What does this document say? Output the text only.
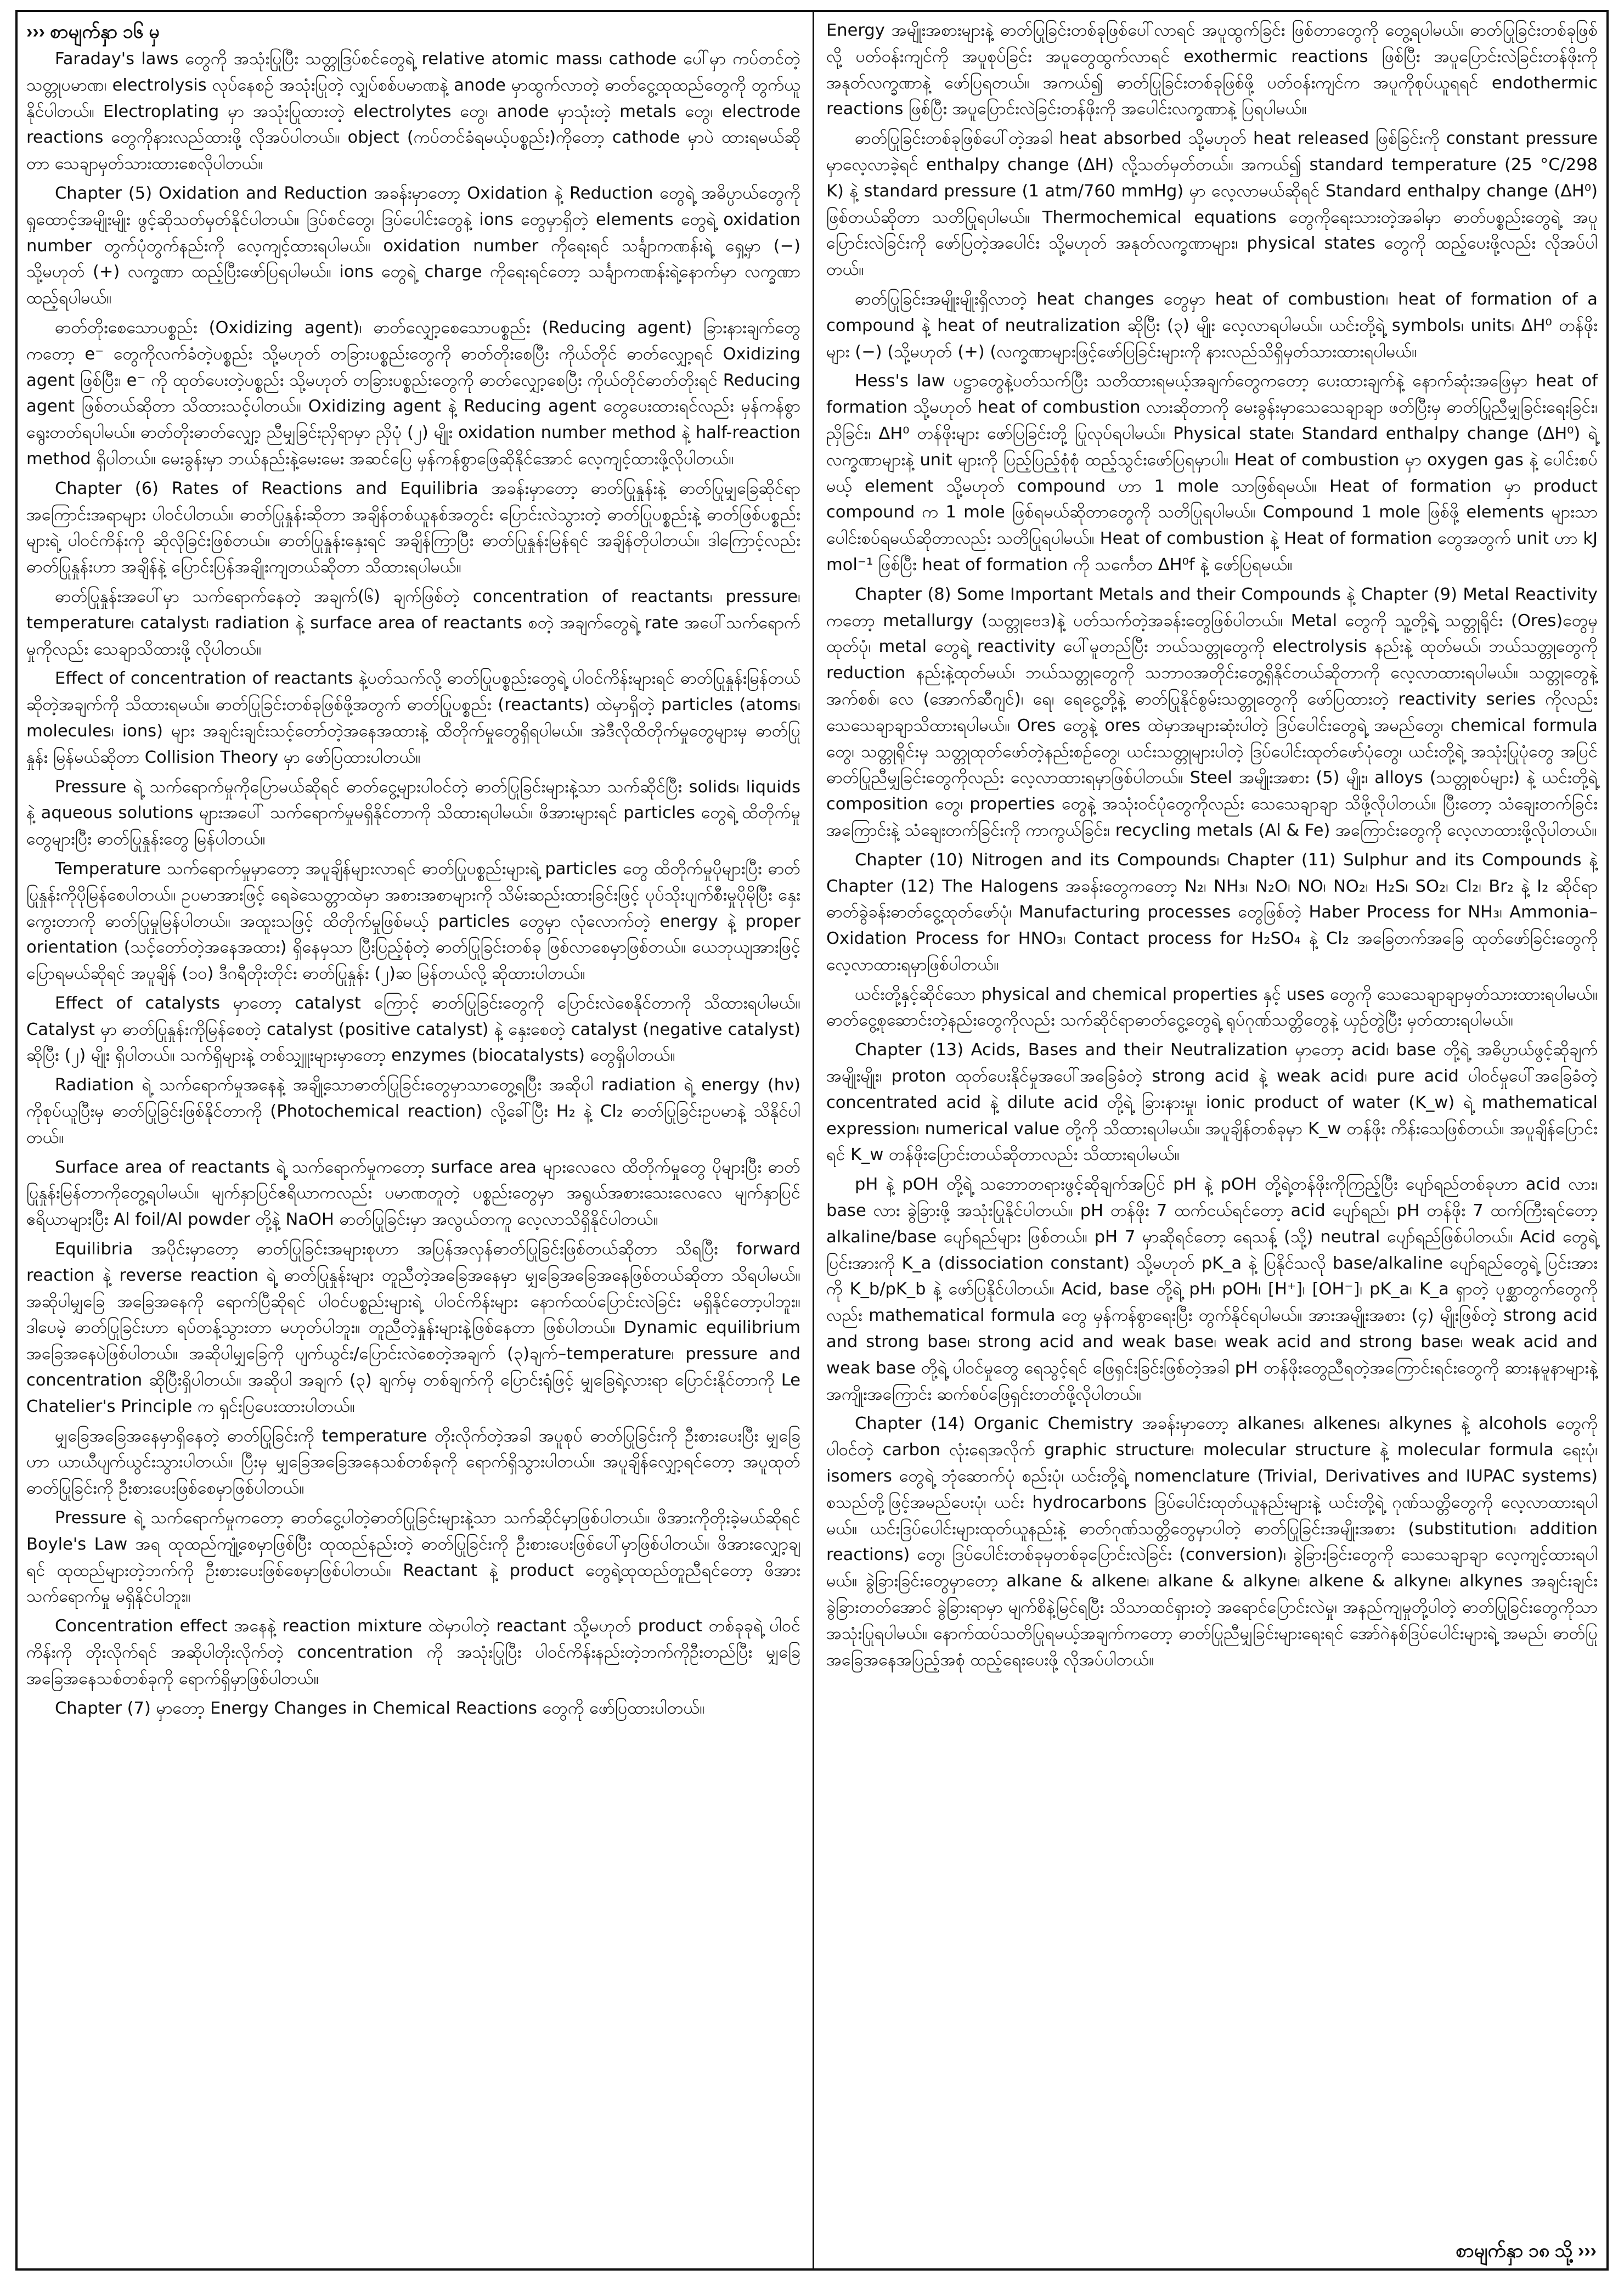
››› စာမျက်နှာ ၁၆ မှ

Faraday's laws တွေကို အသုံးပြုပြီး သတ္တုဒြပ်စင်တွေရဲ့ relative atomic mass၊ cathode ပေါ်မှာ ကပ်တင်တဲ့ သတ္တုပမာဏ၊ electrolysis လုပ်နေစဉ် အသုံးပြုတဲ့ လျှပ်စစ်ပမာဏနဲ့ anode မှာထွက်လာတဲ့ ဓာတ်ငွေ့ထုထည်တွေကို တွက်ယူနိုင်ပါတယ်။ Electroplating မှာ အသုံးပြုထားတဲ့ electrolytes တွေ၊ anode မှာသုံးတဲ့ metals တွေ၊ electrode reactions တွေကိုနားလည်ထားဖို့ လိုအပ်ပါတယ်။ object (ကပ်တင်ခံရမယ့်ပစ္စည်း)ကိုတော့ cathode မှာပဲ ထားရမယ်ဆိုတာ သေချာမှတ်သားထားစေလိုပါတယ်။

Chapter (5) Oxidation and Reduction အခန်းမှာတော့ Oxidation နဲ့ Reduction တွေရဲ့ အဓိပ္ပာယ်တွေကို ရှုထောင့်အမျိုးမျိုး ဖွင့်ဆိုသတ်မှတ်နိုင်ပါတယ်။ ဒြပ်စင်တွေ၊ ဒြပ်ပေါင်းတွေနဲ့ ions တွေမှာရှိတဲ့ elements တွေရဲ့ oxidation number တွက်ပုံတွက်နည်းကို လေ့ကျင့်ထားရပါမယ်။ oxidation number ကိုရေးရင် သင်္ချာကဏန်းရဲ့ ရှေ့မှာ (−) သို့မဟုတ် (+) လက္ခဏာ ထည့်ပြီးဖော်ပြရပါမယ်။ ions တွေရဲ့ charge ကိုရေးရင်တော့ သင်္ချာကဏန်းရဲ့နောက်မှာ လက္ခဏာထည့်ရပါမယ်။

ဓာတ်တိုးစေသောပစ္စည်း (Oxidizing agent)၊ ဓာတ်လျှော့စေသောပစ္စည်း (Reducing agent) ခြားနားချက်တွေကတော့ e⁻ တွေကိုလက်ခံတဲ့ပစ္စည်း သို့မဟုတ် တခြားပစ္စည်းတွေကို ဓာတ်တိုးစေပြီး ကိုယ်တိုင် ဓာတ်လျှော့ရင် Oxidizing agent ဖြစ်ပြီး၊ e⁻ ကို ထုတ်ပေးတဲ့ပစ္စည်း သို့မဟုတ် တခြားပစ္စည်းတွေကို ဓာတ်လျှော့စေပြီး ကိုယ်တိုင်ဓာတ်တိုးရင် Reducing agent ဖြစ်တယ်ဆိုတာ သိထားသင့်ပါတယ်။ Oxidizing agent နဲ့ Reducing agent တွေပေးထားရင်လည်း မှန်ကန်စွာရွေးတတ်ရပါမယ်။ ဓာတ်တိုးဓာတ်လျှော့ ညီမျှခြင်းညှိရာမှာ ညှိပုံ (၂) မျိုး oxidation number method နဲ့ half-reaction method ရှိပါတယ်။ မေးခွန်းမှာ ဘယ်နည်းနဲ့မေးမေး အဆင်ပြေ မှန်ကန်စွာဖြေဆိုနိုင်အောင် လေ့ကျင့်ထားဖို့လိုပါတယ်။

Chapter (6) Rates of Reactions and Equilibria အခန်းမှာတော့ ဓာတ်ပြုနှုန်းနဲ့ ဓာတ်ပြုမျှခြေဆိုင်ရာ အကြောင်းအရာများ ပါဝင်ပါတယ်။ ဓာတ်ပြုနှုန်းဆိုတာ အချိန်တစ်ယူနစ်အတွင်း ပြောင်းလဲသွားတဲ့ ဓာတ်ပြုပစ္စည်းနဲ့ ဓာတ်ဖြစ်ပစ္စည်းများရဲ့ ပါဝင်ကိန်းကို ဆိုလိုခြင်းဖြစ်တယ်။ ဓာတ်ပြုနှုန်းနှေးရင် အချိန်ကြာပြီး ဓာတ်ပြုနှုန်းမြန်ရင် အချိန်တိုပါတယ်။ ဒါကြောင့်လည်း ဓာတ်ပြုနှုန်းဟာ အချိန်နဲ့ ပြောင်းပြန်အချိုးကျတယ်ဆိုတာ သိထားရပါမယ်။

ဓာတ်ပြုနှုန်းအပေါ်မှာ သက်ရောက်နေတဲ့ အချက်(၆) ချက်ဖြစ်တဲ့ concentration of reactants၊ pressure၊ temperature၊ catalyst၊ radiation နဲ့ surface area of reactants စတဲ့ အချက်တွေရဲ့ rate အပေါ်သက်ရောက်မှုကိုလည်း သေချာသိထားဖို့ လိုပါတယ်။

Effect of concentration of reactants နဲ့ပတ်သက်လို့ ဓာတ်ပြုပစ္စည်းတွေရဲ့ ပါဝင်ကိန်းများရင် ဓာတ်ပြုနှုန်းမြန်တယ်ဆိုတဲ့အချက်ကို သိထားရမယ်။ ဓာတ်ပြုခြင်းတစ်ခုဖြစ်ဖို့အတွက် ဓာတ်ပြုပစ္စည်း (reactants) ထဲမှာရှိတဲ့ particles (atoms၊ molecules၊ ions) များ အချင်းချင်းသင့်တော်တဲ့အနေအထားနဲ့ ထိတိုက်မှုတွေရှိရပါမယ်။ အဲဒီလိုထိတိုက်မှုတွေများမှ ဓာတ်ပြုနှုန်း မြန်မယ်ဆိုတာ Collision Theory မှာ ဖော်ပြထားပါတယ်။

Pressure ရဲ့ သက်ရောက်မှုကိုပြောမယ်ဆိုရင် ဓာတ်ငွေ့များပါဝင်တဲ့ ဓာတ်ပြုခြင်းများနဲ့သာ သက်ဆိုင်ပြီး solids၊ liquids နဲ့ aqueous solutions များအပေါ် သက်ရောက်မှုမရှိနိုင်တာကို သိထားရပါမယ်။ ဖိအားများရင် particles တွေရဲ့ ထိတိုက်မှုတွေများပြီး ဓာတ်ပြုနှုန်းတွေ မြန်ပါတယ်။

Temperature သက်ရောက်မှုမှာတော့ အပူချိန်များလာရင် ဓာတ်ပြုပစ္စည်းများရဲ့ particles တွေ ထိတိုက်မှုပိုများပြီး ဓာတ်ပြုနှုန်းကိုပိုမြန်စေပါတယ်။ ဥပမာအားဖြင့် ရေခဲသေတ္တာထဲမှာ အစားအစာများကို သိမ်းဆည်းထားခြင်းဖြင့် ပုပ်သိုးပျက်စီးမှုပိုမိုပြီး နှေးကွေးတာကို ဓာတ်ပြုမှုမြန်ပါတယ်။ အထူးသဖြင့် ထိတိုက်မှုဖြစ်မယ့် particles တွေမှာ လုံလောက်တဲ့ energy နဲ့ proper orientation (သင့်တော်တဲ့အနေအထား) ရှိနေမှသာ ပြီးပြည့်စုံတဲ့ ဓာတ်ပြုခြင်းတစ်ခု ဖြစ်လာစေမှာဖြစ်တယ်။ ယေဘုယျအားဖြင့်ပြောရမယ်ဆိုရင် အပူချိန် (၁၀) ဒီဂရီတိုးတိုင်း ဓာတ်ပြုနှုန်း (၂)ဆ မြန်တယ်လို့ ဆိုထားပါတယ်။

Effect of catalysts မှာတော့ catalyst ကြောင့် ဓာတ်ပြုခြင်းတွေကို ပြောင်းလဲစေနိုင်တာကို သိထားရပါမယ်။ Catalyst မှာ ဓာတ်ပြုနှုန်းကိုမြန်စေတဲ့ catalyst (positive catalyst) နဲ့ နှေးစေတဲ့ catalyst (negative catalyst) ဆိုပြီး (၂) မျိုး ရှိပါတယ်။ သက်ရှိများနဲ့ တစ်သျှူးများမှာတော့ enzymes (biocatalysts) တွေရှိပါတယ်။

Radiation ရဲ့ သက်ရောက်မှုအနေနဲ့ အချို့သောဓာတ်ပြုခြင်းတွေမှာသာတွေ့ရပြီး အဆိုပါ radiation ရဲ့ energy (hν) ကိုစုပ်ယူပြီးမှ ဓာတ်ပြုခြင်းဖြစ်နိုင်တာကို (Photochemical reaction) လို့ခေါ်ပြီး H₂ နဲ့ Cl₂ ဓာတ်ပြုခြင်းဥပမာနဲ့ သိနိုင်ပါတယ်။

Surface area of reactants ရဲ့ သက်ရောက်မှုကတော့ surface area များလေလေ ထိတိုက်မှုတွေ ပိုများပြီး ဓာတ်ပြုနှုန်းမြန်တာကိုတွေ့ရပါမယ်။ မျက်နှာပြင်ဧရိယာကလည်း ပမာဏတူတဲ့ ပစ္စည်းတွေမှာ အရွယ်အစားသေးလေလေ မျက်နှာပြင်ဧရိယာများပြီး Al foil/Al powder တို့နဲ့ NaOH ဓာတ်ပြုခြင်းမှာ အလွယ်တကူ လေ့လာသိရှိနိုင်ပါတယ်။

Equilibria အပိုင်းမှာတော့ ဓာတ်ပြုခြင်းအများစုဟာ အပြန်အလှန်ဓာတ်ပြုခြင်းဖြစ်တယ်ဆိုတာ သိရပြီး forward reaction နဲ့ reverse reaction ရဲ့ ဓာတ်ပြုနှုန်းများ တူညီတဲ့အခြေအနေမှာ မျှခြေအခြေအနေဖြစ်တယ်ဆိုတာ သိရပါမယ်။ အဆိုပါမျှခြေ အခြေအနေကို ရောက်ပြီဆိုရင် ပါဝင်ပစ္စည်းများရဲ့ ပါဝင်ကိန်းများ နောက်ထပ်ပြောင်းလဲခြင်း မရှိနိုင်တော့ပါဘူး။ ဒါပေမဲ့ ဓာတ်ပြုခြင်းဟာ ရပ်တန့်သွားတာ မဟုတ်ပါဘူး။ တူညီတဲ့နှုန်းများနဲ့ဖြစ်နေတာ ဖြစ်ပါတယ်။ Dynamic equilibrium အခြေအနေပဲဖြစ်ပါတယ်။ အဆိုပါမျှခြေကို ပျက်ယွင်း/ပြောင်းလဲစေတဲ့အချက် (၃)ချက်–temperature၊ pressure and concentration ဆိုပြီးရှိပါတယ်။ အဆိုပါ အချက် (၃) ချက်မှ တစ်ချက်ကို ပြောင်းရုံဖြင့် မျှခြေရဲ့လားရာ ပြောင်းနိုင်တာကို Le Chatelier's Principle က ရှင်းပြပေးထားပါတယ်။

မျှခြေအခြေအနေမှာရှိနေတဲ့ ဓာတ်ပြုခြင်းကို temperature တိုးလိုက်တဲ့အခါ အပူစုပ် ဓာတ်ပြုခြင်းကို ဦးစားပေးပြီး မျှခြေဟာ ယာယီပျက်ယွင်းသွားပါတယ်။ ပြီးမှ မျှခြေအခြေအနေသစ်တစ်ခုကို ရောက်ရှိသွားပါတယ်။ အပူချိန်လျှော့ရင်တော့ အပူထုတ်ဓာတ်ပြုခြင်းကို ဦးစားပေးဖြစ်စေမှာဖြစ်ပါတယ်။

Pressure ရဲ့ သက်ရောက်မှုကတော့ ဓာတ်ငွေ့ပါတဲ့ဓာတ်ပြုခြင်းများနဲ့သာ သက်ဆိုင်မှာဖြစ်ပါတယ်။ ဖိအားကိုတိုးခဲ့မယ်ဆိုရင် Boyle's Law အရ ထုထည်ကျုံ့စေမှာဖြစ်ပြီး ထုထည်နည်းတဲ့ ဓာတ်ပြုခြင်းကို ဦးစားပေးဖြစ်ပေါ်မှာဖြစ်ပါတယ်။ ဖိအားလျှော့ချရင် ထုထည်များတဲ့ဘက်ကို ဦးစားပေးဖြစ်စေမှာဖြစ်ပါတယ်။ Reactant နဲ့ product တွေရဲ့ထုထည်တူညီရင်တော့ ဖိအားသက်ရောက်မှု မရှိနိုင်ပါဘူး။

Concentration effect အနေနဲ့ reaction mixture ထဲမှာပါတဲ့ reactant သို့မဟုတ် product တစ်ခုခုရဲ့ ပါဝင်ကိန်းကို တိုးလိုက်ရင် အဆိုပါတိုးလိုက်တဲ့ concentration ကို အသုံးပြုပြီး ပါဝင်ကိန်းနည်းတဲ့ဘက်ကိုဦးတည်ပြီး မျှခြေအခြေအနေသစ်တစ်ခုကို ရောက်ရှိမှာဖြစ်ပါတယ်။

Chapter (7) မှာတော့ Energy Changes in Chemical Reactions တွေကို ဖော်ပြထားပါတယ်။

Energy အမျိုးအစားများနဲ့ ဓာတ်ပြုခြင်းတစ်ခုဖြစ်ပေါ်လာရင် အပူထွက်ခြင်း ဖြစ်တာတွေကို တွေ့ရပါမယ်။ ဓာတ်ပြုခြင်းတစ်ခုဖြစ်လို့ ပတ်ဝန်းကျင်ကို အပူစုပ်ခြင်း အပူတွေထွက်လာရင် exothermic reactions ဖြစ်ပြီး အပူပြောင်းလဲခြင်းတန်ဖိုးကို အနုတ်လက္ခဏာနဲ့ ဖော်ပြရတယ်။ အကယ်၍ ဓာတ်ပြုခြင်းတစ်ခုဖြစ်ဖို့ ပတ်ဝန်းကျင်က အပူကိုစုပ်ယူရရင် endothermic reactions ဖြစ်ပြီး အပူပြောင်းလဲခြင်းတန်ဖိုးကို အပေါင်းလက္ခဏာနဲ့ ပြရပါမယ်။

ဓာတ်ပြုခြင်းတစ်ခုဖြစ်ပေါ်တဲ့အခါ heat absorbed သို့မဟုတ် heat released ဖြစ်ခြင်းကို constant pressure မှာလေ့လာခဲ့ရင် enthalpy change (ΔH) လို့သတ်မှတ်တယ်။ အကယ်၍ standard temperature (25 °C/298 K) နဲ့ standard pressure (1 atm/760 mmHg) မှာ လေ့လာမယ်ဆိုရင် Standard enthalpy change (ΔH⁰) ဖြစ်တယ်ဆိုတာ သတိပြုရပါမယ်။ Thermochemical equations တွေကိုရေးသားတဲ့အခါမှာ ဓာတ်ပစ္စည်းတွေရဲ့ အပူပြောင်းလဲခြင်းကို ဖော်ပြတဲ့အပေါင်း သို့မဟုတ် အနုတ်လက္ခဏာများ၊ physical states တွေကို ထည့်ပေးဖို့လည်း လိုအပ်ပါတယ်။

ဓာတ်ပြုခြင်းအမျိုးမျိုးရှိလာတဲ့ heat changes တွေမှာ heat of combustion၊ heat of formation of a compound နဲ့ heat of neutralization ဆိုပြီး (၃) မျိုး လေ့လာရပါမယ်။ ယင်းတို့ရဲ့ symbols၊ units၊ ΔH⁰ တန်ဖိုးများ (−) (သို့မဟုတ် (+) (လက္ခဏာများဖြင့်ဖော်ပြခြင်းများကို နားလည်သိရှိမှတ်သားထားရပါမယ်။

Hess's law ပဋ္ဌာတွေနဲ့ပတ်သက်ပြီး သတိထားရမယ့်အချက်တွေကတော့ ပေးထားချက်နဲ့ နောက်ဆုံးအဖြေမှာ heat of formation သို့မဟုတ် heat of combustion လားဆိုတာကို မေးခွန်းမှာသေသေချာချာ ဖတ်ပြီးမှ ဓာတ်ပြုညီမျှခြင်းရေးခြင်း၊ ညှိခြင်း၊ ΔH⁰ တန်ဖိုးများ ဖော်ပြခြင်းတို့ ပြုလုပ်ရပါမယ်။ Physical state၊ Standard enthalpy change (ΔH⁰) ရဲ့ လက္ခဏာများနဲ့ unit များကို ပြည့်ပြည့်စုံစုံ ထည့်သွင်းဖော်ပြရမှာပါ။ Heat of combustion မှာ oxygen gas နဲ့ ပေါင်းစပ်မယ့် element သို့မဟုတ် compound ဟာ 1 mole သာဖြစ်ရမယ်။ Heat of formation မှာ product compound က 1 mole ဖြစ်ရမယ်ဆိုတာတွေကို သတိပြုရပါမယ်။ Compound 1 mole ဖြစ်ဖို့ elements များသာ ပေါင်းစပ်ရမယ်ဆိုတာလည်း သတိပြုရပါမယ်။ Heat of combustion နဲ့ Heat of formation တွေအတွက် unit ဟာ kJ mol⁻¹ ဖြစ်ပြီး heat of formation ကို သင်္ကေတ ΔH⁰f နဲ့ ဖော်ပြရမယ်။

Chapter (8) Some Important Metals and their Compounds နဲ့ Chapter (9) Metal Reactivity ကတော့ metallurgy (သတ္တုဗေဒ)နဲ့ ပတ်သက်တဲ့အခန်းတွေဖြစ်ပါတယ်။ Metal တွေကို သူ့တို့ရဲ့ သတ္တုရိုင်း (Ores)တွေမှ ထုတ်ပုံ၊ metal တွေရဲ့ reactivity ပေါ်မူတည်ပြီး ဘယ်သတ္တုတွေကို electrolysis နည်းနဲ့ ထုတ်မယ်၊ ဘယ်သတ္တုတွေကို reduction နည်းနဲ့ထုတ်မယ်၊ ဘယ်သတ္တုတွေကို သဘာဝအတိုင်းတွေ့ရှိနိုင်တယ်ဆိုတာကို လေ့လာထားရပါမယ်။ သတ္တုတွေနဲ့ အက်စစ်၊ လေ (အောက်ဆီဂျင်)၊ ရေ၊ ရေငွေ့တို့နဲ့ ဓာတ်ပြုနိုင်စွမ်းသတ္တုတွေကို ဖော်ပြထားတဲ့ reactivity series ကိုလည်း သေသေချာချာသိထားရပါမယ်။ Ores တွေနဲ့ ores ထဲမှာအများဆုံးပါတဲ့ ဒြပ်ပေါင်းတွေရဲ့ အမည်တွေ၊ chemical formula တွေ၊ သတ္တုရိုင်းမှ သတ္တုထုတ်ဖော်တဲ့နည်းစဉ်တွေ၊ ယင်းသတ္တုများပါတဲ့ ဒြပ်ပေါင်းထုတ်ဖော်ပုံတွေ၊ ယင်းတို့ရဲ့ အသုံးပြုပုံတွေ အပြင် ဓာတ်ပြုညီမျှခြင်းတွေကိုလည်း လေ့လာထားရမှာဖြစ်ပါတယ်။ Steel အမျိုးအစား (5) မျိုး၊ alloys (သတ္တုစပ်များ) နဲ့ ယင်းတို့ရဲ့ composition တွေ၊ properties တွေနဲ့ အသုံးဝင်ပုံတွေကိုလည်း သေသေချာချာ သိဖို့လိုပါတယ်။ ပြီးတော့ သံချေးတက်ခြင်းအကြောင်းနဲ့ သံချေးတက်ခြင်းကို ကာကွယ်ခြင်း၊ recycling metals (Al & Fe) အကြောင်းတွေကို လေ့လာထားဖို့လိုပါတယ်။

Chapter (10) Nitrogen and its Compounds၊ Chapter (11) Sulphur and its Compounds နဲ့ Chapter (12) The Halogens အခန်းတွေကတော့ N₂၊ NH₃၊ N₂O၊ NO၊ NO₂၊ H₂S၊ SO₂၊ Cl₂၊ Br₂ နဲ့ I₂ ဆိုင်ရာ ဓာတ်ခွဲခန်းဓာတ်ငွေ့ထုတ်ဖော်ပုံ၊ Manufacturing processes တွေဖြစ်တဲ့ Haber Process for NH₃၊ Ammonia–Oxidation Process for HNO₃၊ Contact process for H₂SO₄ နဲ့ Cl₂ အခြေတက်အခြေ ထုတ်ဖော်ခြင်းတွေကို လေ့လာထားရမှာဖြစ်ပါတယ်။

ယင်းတို့နှင့်ဆိုင်သော physical and chemical properties နှင့် uses တွေကို သေသေချာချာမှတ်သားထားရပါမယ်။ ဓာတ်ငွေ့စုဆောင်းတဲ့နည်းတွေကိုလည်း သက်ဆိုင်ရာဓာတ်ငွေ့တွေရဲ့ ရုပ်ဂုဏ်သတ္တိတွေနဲ့ ယှဉ်တွဲပြီး မှတ်ထားရပါမယ်။

Chapter (13) Acids, Bases and their Neutralization မှာတော့ acid၊ base တို့ရဲ့ အဓိပ္ပာယ်ဖွင့်ဆိုချက်အမျိုးမျိုး၊ proton ထုတ်ပေးနိုင်မှုအပေါ်အခြေခံတဲ့ strong acid နဲ့ weak acid၊ pure acid ပါဝင်မှုပေါ်အခြေခံတဲ့ concentrated acid နဲ့ dilute acid တို့ရဲ့ ခြားနားမှု၊ ionic product of water (K_w) ရဲ့ mathematical expression၊ numerical value တို့ကို သိထားရပါမယ်။ အပူချိန်တစ်ခုမှာ K_w တန်ဖိုး ကိန်းသေဖြစ်တယ်။ အပူချိန်ပြောင်းရင် K_w တန်ဖိုးပြောင်းတယ်ဆိုတာလည်း သိထားရပါမယ်။

pH နဲ့ pOH တို့ရဲ့ သဘောတရားဖွင့်ဆိုချက်အပြင် pH နဲ့ pOH တို့ရဲ့တန်ဖိုးကိုကြည့်ပြီး ပျော်ရည်တစ်ခုဟာ acid လား၊ base လား ခွဲခြားဖို့ အသုံးပြုနိုင်ပါတယ်။ pH တန်ဖိုး 7 ထက်ငယ်ရင်တော့ acid ပျော်ရည်၊ pH တန်ဖိုး 7 ထက်ကြီးရင်တော့ alkaline/base ပျော်ရည်များ ဖြစ်တယ်။ pH 7 မှာဆိုရင်တော့ ရေသန့် (သို့) neutral ပျော်ရည်ဖြစ်ပါတယ်။ Acid တွေရဲ့ ပြင်းအားကို K_a (dissociation constant) သို့မဟုတ် pK_a နဲ့ ပြနိုင်သလို base/alkaline ပျော်ရည်တွေရဲ့ ပြင်းအားကို K_b/pK_b နဲ့ ဖော်ပြနိုင်ပါတယ်။ Acid, base တို့ရဲ့ pH၊ pOH၊ [H⁺]၊ [OH⁻]၊ pK_a၊ K_a ရှာတဲ့ ပုစ္ဆာတွက်တွေကိုလည်း mathematical formula တွေ မှန်ကန်စွာရေးပြီး တွက်နိုင်ရပါမယ်။ အားအမျိုးအစား (၄) မျိုးဖြစ်တဲ့ strong acid and strong base၊ strong acid and weak base၊ weak acid and strong base၊ weak acid and weak base တို့ရဲ့ ပါဝင်မှုတွေ ရေသွင့်ရင် ဖြေရှင်းခြင်းဖြစ်တဲ့အခါ pH တန်ဖိုးတွေညီရတဲ့အကြောင်းရင်းတွေကို ဆားနမူနာများနဲ့ အကျိုးအကြောင်း ဆက်စပ်ဖြေရှင်းတတ်ဖို့လိုပါတယ်။

Chapter (14) Organic Chemistry အခန်းမှာတော့ alkanes၊ alkenes၊ alkynes နဲ့ alcohols တွေကို ပါဝင်တဲ့ carbon လုံးရေအလိုက် graphic structure၊ molecular structure နဲ့ molecular formula ရေးပုံ၊ isomers တွေရဲ့ ဘုံဆောက်ပုံ စည်းပုံ၊ ယင်းတို့ရဲ့ nomenclature (Trivial, Derivatives and IUPAC systems) စသည်တို့ဖြင့်အမည်ပေးပုံ၊ ယင်း hydrocarbons ဒြပ်ပေါင်းထုတ်ယူနည်းများနဲ့ ယင်းတို့ရဲ့ ဂုဏ်သတ္တိတွေကို လေ့လာထားရပါမယ်။ ယင်းဒြပ်ပေါင်းများထုတ်ယူနည်းနဲ့ ဓာတ်ဂုဏ်သတ္တိတွေမှာပါတဲ့ ဓာတ်ပြုခြင်းအမျိုးအစား (substitution၊ addition reactions) တွေ၊ ဒြပ်ပေါင်းတစ်ခုမှတစ်ခုပြောင်းလဲခြင်း (conversion)၊ ခွဲခြားခြင်းတွေကို သေသေချာချာ လေ့ကျင့်ထားရပါမယ်။ ခွဲခြားခြင်းတွေမှာတော့ alkane & alkene၊ alkane & alkyne၊ alkene & alkyne၊ alkynes အချင်းချင်း ခွဲခြားတတ်အောင် ခွဲခြားရာမှာ မျက်စိနဲ့မြင်ရပြီး သိသာထင်ရှားတဲ့ အရောင်ပြောင်းလဲမှု၊ အနည်ကျမှုတို့ပါတဲ့ ဓာတ်ပြုခြင်းတွေကိုသာ အသုံးပြုရပါမယ်။ နောက်ထပ်သတိပြုရမယ့်အချက်ကတော့ ဓာတ်ပြုညီမျှခြင်းများရေးရင် အော်ဂဲနစ်ဒြပ်ပေါင်းများရဲ့ အမည်၊ ဓာတ်ပြုအခြေအနေအပြည့်အစုံ ထည့်ရေးပေးဖို့ လိုအပ်ပါတယ်။

စာမျက်နှာ ၁၈ သို့ ›››
